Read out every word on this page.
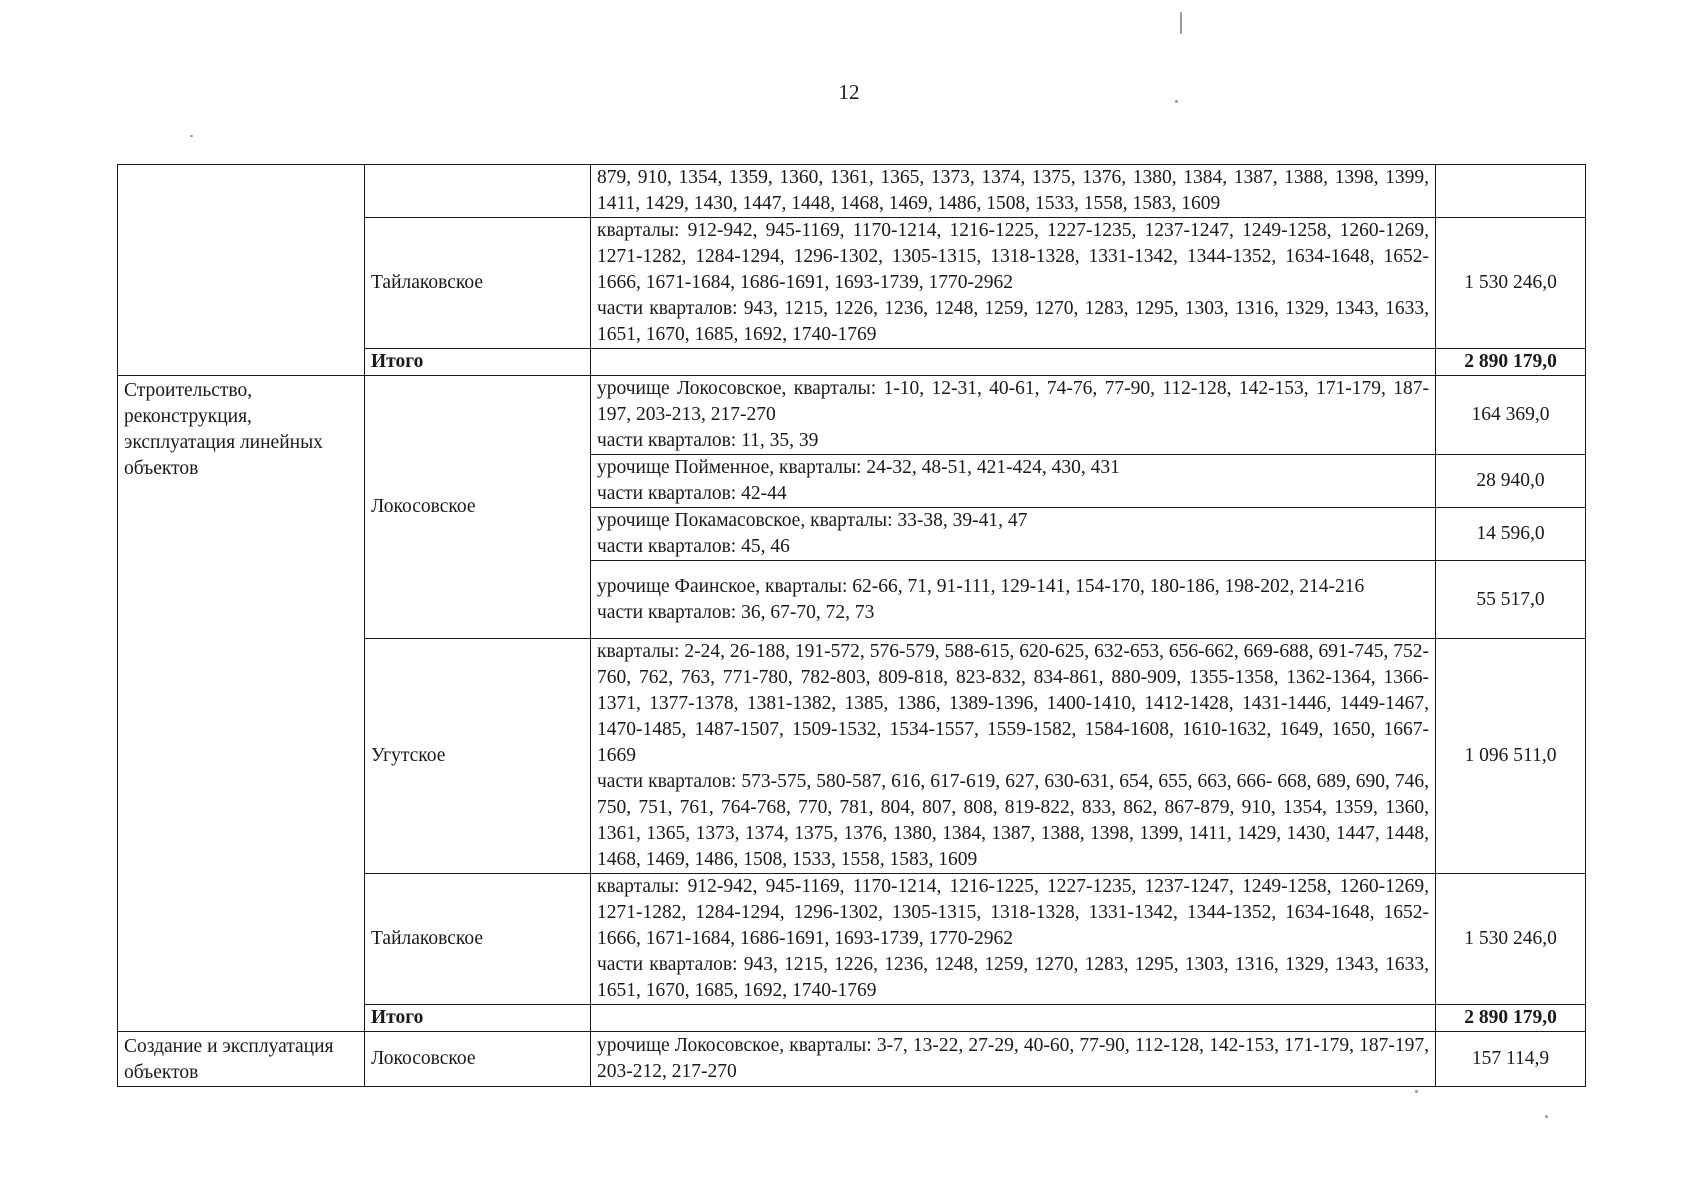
12

		879, 910, 1354, 1359, 1360, 1361, 1365, 1373, 1374, 1375, 1376, 1380, 1384, 1387, 1388, 1398, 1399, 1411, 1429, 1430, 1447, 1448, 1468, 1469, 1486, 1508, 1533, 1558, 1583, 1609	

	Тайлаковское	кварталы: 912-942, 945-1169, 1170-1214, 1216-1225, 1227-1235, 1237-1247, 1249-1258, 1260-1269, 1271-1282, 1284-1294, 1296-1302, 1305-1315, 1318-1328, 1331-1342, 1344-1352, 1634-1648, 1652-1666, 1671-1684, 1686-1691, 1693-1739, 1770-2962
части кварталов: 943, 1215, 1226, 1236, 1248, 1259, 1270, 1283, 1295, 1303, 1316, 1329, 1343, 1633, 1651, 1670, 1685, 1692, 1740-1769	1 530 246,0
	Итого		2 890 179,0
Строительство, реконструкция, эксплуатация линейных объектов	Локосовское	урочище Локосовское, кварталы: 1-10, 12-31, 40-61, 74-76, 77-90, 112-128, 142-153, 171-179, 187-197, 203-213, 217-270
части кварталов: 11, 35, 39	164 369,0

		урочище Пойменное, кварталы: 24-32, 48-51, 421-424, 430, 431
части кварталов: 42-44	28 940,0

		урочище Покамасовское, кварталы: 33-38, 39-41, 47
части кварталов: 45, 46	14 596,0

		урочище Фаинское, кварталы: 62-66, 71, 91-111, 129-141, 154-170, 180-186, 198-202, 214-216
части кварталов: 36, 67-70, 72, 73	55 517,0
	Угутское	кварталы: 2-24, 26-188, 191-572, 576-579, 588-615, 620-625, 632-653, 656-662, 669-688, 691-745, 752-760, 762, 763, 771-780, 782-803, 809-818, 823-832, 834-861, 880-909, 1355-1358, 1362-1364, 1366-1371, 1377-1378, 1381-1382, 1385, 1386, 1389-1396, 1400-1410, 1412-1428, 1431-1446, 1449-1467, 1470-1485, 1487-1507, 1509-1532, 1534-1557, 1559-1582, 1584-1608, 1610-1632, 1649, 1650, 1667-1669
части кварталов: 573-575, 580-587, 616, 617-619, 627, 630-631, 654, 655, 663, 666- 668, 689, 690, 746, 750, 751, 761, 764-768, 770, 781, 804, 807, 808, 819-822, 833, 862, 867-879, 910, 1354, 1359, 1360, 1361, 1365, 1373, 1374, 1375, 1376, 1380, 1384, 1387, 1388, 1398, 1399, 1411, 1429, 1430, 1447, 1448, 1468, 1469, 1486, 1508, 1533, 1558, 1583, 1609	1 096 511,0
	Тайлаковское	кварталы: 912-942, 945-1169, 1170-1214, 1216-1225, 1227-1235, 1237-1247, 1249-1258, 1260-1269, 1271-1282, 1284-1294, 1296-1302, 1305-1315, 1318-1328, 1331-1342, 1344-1352, 1634-1648, 1652-1666, 1671-1684, 1686-1691, 1693-1739, 1770-2962
части кварталов: 943, 1215, 1226, 1236, 1248, 1259, 1270, 1283, 1295, 1303, 1316, 1329, 1343, 1633, 1651, 1670, 1685, 1692, 1740-1769	1 530 246,0
	Итого		2 890 179,0
Создание и эксплуатация объектов	Локосовское	урочище Локосовское, кварталы: 3-7, 13-22, 27-29, 40-60, 77-90, 112-128, 142-153, 171-179, 187-197, 203-212, 217-270	157 114,9
